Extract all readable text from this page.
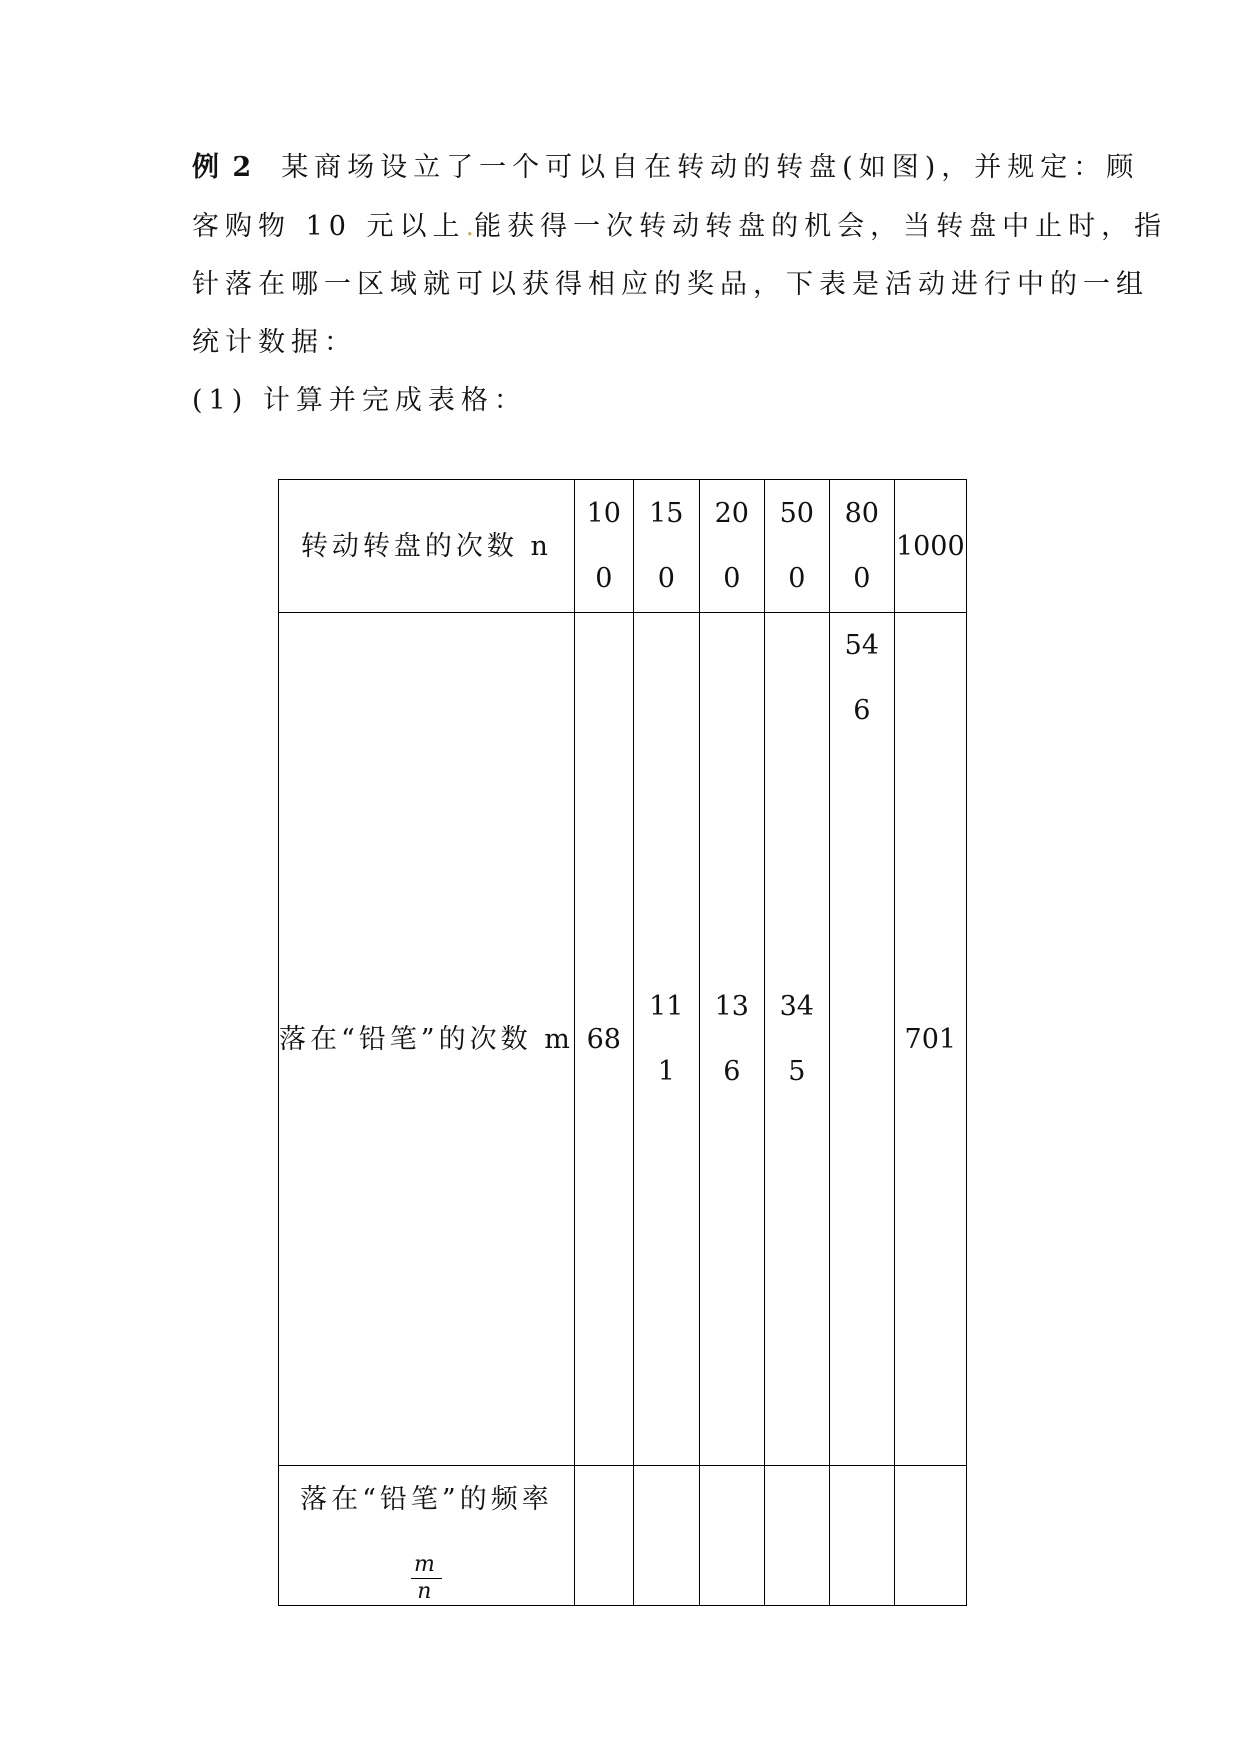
例 2 某商场设立了一个可以自在转动的转盘(如图)，并规定：顾
客购物 10 元以上.能获得一次转动转盘的机会，当转盘中止时，指
针落在哪一区域就可以获得相应的奖品，下表是活动进行中的一组
统计数据：
(1) 计算并完成表格：
转动转盘的次数 n	100	150	200	500	800	1000
落在“铅笔”的次数 m	68	111	136	345	546	701

落在“铅笔”的频率
$\frac{m}{n}$
